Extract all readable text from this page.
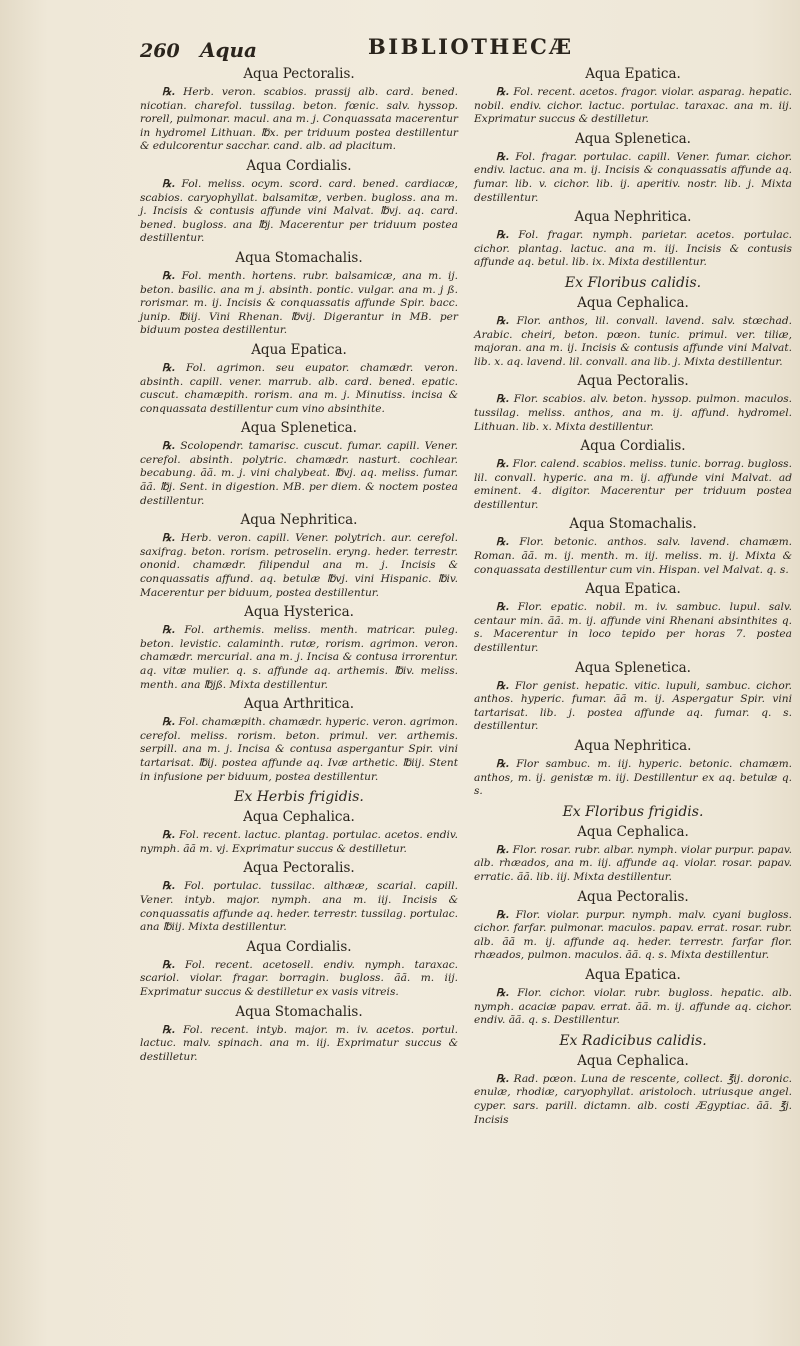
260 Aqua	BIBLIOTHECÆ
Aqua Pectoralis.

℞. Herb. veron. scabios. prassij alb. card. bened. nicotian. charefol. tussilag. beton. fœnic. salv. hyssop. rorell, pulmonar. macul. ana m. j. Conquassata macerentur in hydromel Lithuan. ℔x. per triduum postea destillentur & edulcorentur sacchar. cand. alb. ad placitum.

Aqua Cordialis.

℞. Fol. meliss. ocym. scord. card. bened. cardiacæ, scabios. caryophyllat. balsamitæ, verben. bugloss. ana m. j. Incisis & contusis affunde vini Malvat. ℔vj. aq. card. bened. bugloss. ana ℔j. Macerentur per triduum postea destillentur.

Aqua Stomachalis.

℞. Fol. menth. hortens. rubr. balsamicæ, ana m. ij. beton. basilic. ana m j. absinth. pontic. vulgar. ana m. j ß. rorismar. m. ij. Incisis & conquassatis affunde Spir. bacc. junip. ℔iij. Vini Rhenan. ℔vij. Digerantur in MB. per biduum postea destillentur.

Aqua Epatica.

℞. Fol. agrimon. seu eupator. chamædr. veron. absinth. capill. vener. marrub. alb. card. bened. epatic. cuscut. chamæpith. rorism. ana m. j. Minutiss. incisa & conquassata destillentur cum vino absinthite.

Aqua Splenetica.

℞. Scolopendr. tamarisc. cuscut. fumar. capill. Vener. cerefol. absinth. polytric. chamædr. nasturt. cochlear. becabung. ãã. m. j. vini chalybeat. ℔vj. aq. meliss. fumar. ãã. ℔j. Sent. in digestion. MB. per diem. & noctem postea destillentur.

Aqua Nephritica.

℞. Herb. veron. capill. Vener. polytrich. aur. cerefol. saxifrag. beton. rorism. petroselin. eryng. heder. terrestr. ononid. chamædr. filipendul ana m. j. Incisis & conquassatis affund. aq. betulæ ℔vj. vini Hispanic. ℔iv. Macerentur per biduum, postea destillentur.

Aqua Hysterica.

℞. Fol. arthemis. meliss. menth. matricar. puleg. beton. levistic. calaminth. rutæ, rorism. agrimon. veron. chamædr. mercurial. ana m. j. Incisa & contusa irrorentur. aq. vitæ mulier. q. s. affunde aq. arthemis. ℔iv. meliss. menth. ana ℔jß. Mixta destillentur.

Aqua Arthritica.

℞. Fol. chamæpith. chamædr. hyperic. veron. agrimon. cerefol. meliss. rorism. beton. primul. ver. arthemis. serpill. ana m. j. Incisa & contusa aspergantur Spir. vini tartarisat. ℔ij. postea affunde aq. Ivæ arthetic. ℔iij. Stent in infusione per biduum, postea destillentur.

Ex Herbis frigidis.
Aqua Cephalica.

℞. Fol. recent. lactuc. plantag. portulac. acetos. endiv. nymph. ãã m. vj. Exprimatur succus & destilletur.

Aqua Pectoralis.

℞. Fol. portulac. tussilac. althææ, scarial. capill. Vener. intyb. major. nymph. ana m. iij. Incisis & conquassatis affunde aq. heder. terrestr. tussilag. portulac. ana ℔iij. Mixta destillentur.

Aqua Cordialis.

℞. Fol. recent. acetosell. endiv. nymph. taraxac. scariol. violar. fragar. borragin. bugloss. ãã. m. iij. Exprimatur succus & destilletur ex vasis vitreis.

Aqua Stomachalis.

℞. Fol. recent. intyb. major. m. iv. acetos. portul. lactuc. malv. spinach. ana m. iij. Exprimatur succus & destilletur.

Aqua Epatica.

℞. Fol. recent. acetos. fragor. violar. asparag. hepatic. nobil. endiv. cichor. lactuc. portulac. taraxac. ana m. iij. Exprimatur succus & destilletur.

Aqua Splenetica.

℞. Fol. fragar. portulac. capill. Vener. fumar. cichor. endiv. lactuc. ana m. ij. Incisis & conquassatis affunde aq. fumar. lib. v. cichor. lib. ij. aperitiv. nostr. lib. j. Mixta destillentur.

Aqua Nephritica.

℞. Fol. fragar. nymph. parietar. acetos. portulac. cichor. plantag. lactuc. ana m. iij. Incisis & contusis affunde aq. betul. lib. ix. Mixta destillentur.

Ex Floribus calidis.
Aqua Cephalica.

℞. Flor. anthos, lil. convall. lavend. salv. stœchad. Arabic. cheiri, beton. pœon. tunic. primul. ver. tiliæ, majoran. ana m. ij. Incisis & contusis affunde vini Malvat. lib. x. aq. lavend. lil. convall. ana lib. j. Mixta destillentur.

Aqua Pectoralis.

℞. Flor. scabios. alv. beton. hyssop. pulmon. maculos. tussilag. meliss. anthos, ana m. ij. affund. hydromel. Lithuan. lib. x. Mixta destillentur.

Aqua Cordialis.

℞. Flor. calend. scabios. meliss. tunic. borrag. bugloss. lil. convall. hyperic. ana m. ij. affunde vini Malvat. ad eminent. 4. digitor. Macerentur per triduum postea destillentur.

Aqua Stomachalis.

℞. Flor. betonic. anthos. salv. lavend. chamæm. Roman. ãã. m. ij. menth. m. iij. meliss. m. ij. Mixta & conquassata destillentur cum vin. Hispan. vel Malvat. q. s.

Aqua Epatica.

℞. Flor. epatic. nobil. m. iv. sambuc. lupul. salv. centaur min. ãã. m. ij. affunde vini Rhenani absinthites q. s. Macerentur in loco tepido per horas 7. postea destillentur.

Aqua Splenetica.

℞. Flor genist. hepatic. vitic. lupuli, sambuc. cichor. anthos. hyperic. fumar. ãã m. ij. Aspergatur Spir. vini tartarisat. lib. j. postea affunde aq. fumar. q. s. destillentur.

Aqua Nephritica.

℞. Flor sambuc. m. iij. hyperic. betonic. chamæm. anthos, m. ij. genistæ m. iij. Destillentur ex aq. betulæ q. s.

Ex Floribus frigidis.
Aqua Cephalica.

℞. Flor. rosar. rubr. albar. nymph. violar purpur. papav. alb. rhæados, ana m. iij. affunde aq. violar. rosar. papav. erratic. ãã. lib. iij. Mixta destillentur.

Aqua Pectoralis.

℞. Flor. violar. purpur. nymph. malv. cyani bugloss. cichor. farfar. pulmonar. maculos. papav. errat. rosar. rubr. alb. ãã m. ij. affunde aq. heder. terrestr. farfar flor. rhæados, pulmon. maculos. ãã. q. s. Mixta destillentur.

Aqua Epatica.

℞. Flor. cichor. violar. rubr. bugloss. hepatic. alb. nymph. acaciæ papav. errat. ãã. m. ij. affunde aq. cichor. endiv. ãã. q. s. Destillentur.

Ex Radicibus calidis.
Aqua Cephalica.

℞. Rad. pœon. Luna de rescente, collect. ℥ij. doronic. enulæ, rhodiæ, caryophyllat. aristoloch. utriusque angel. cyper. sars. parill. dictamn. alb. costi Ægyptiac. ãã. ℥j. Incisis
